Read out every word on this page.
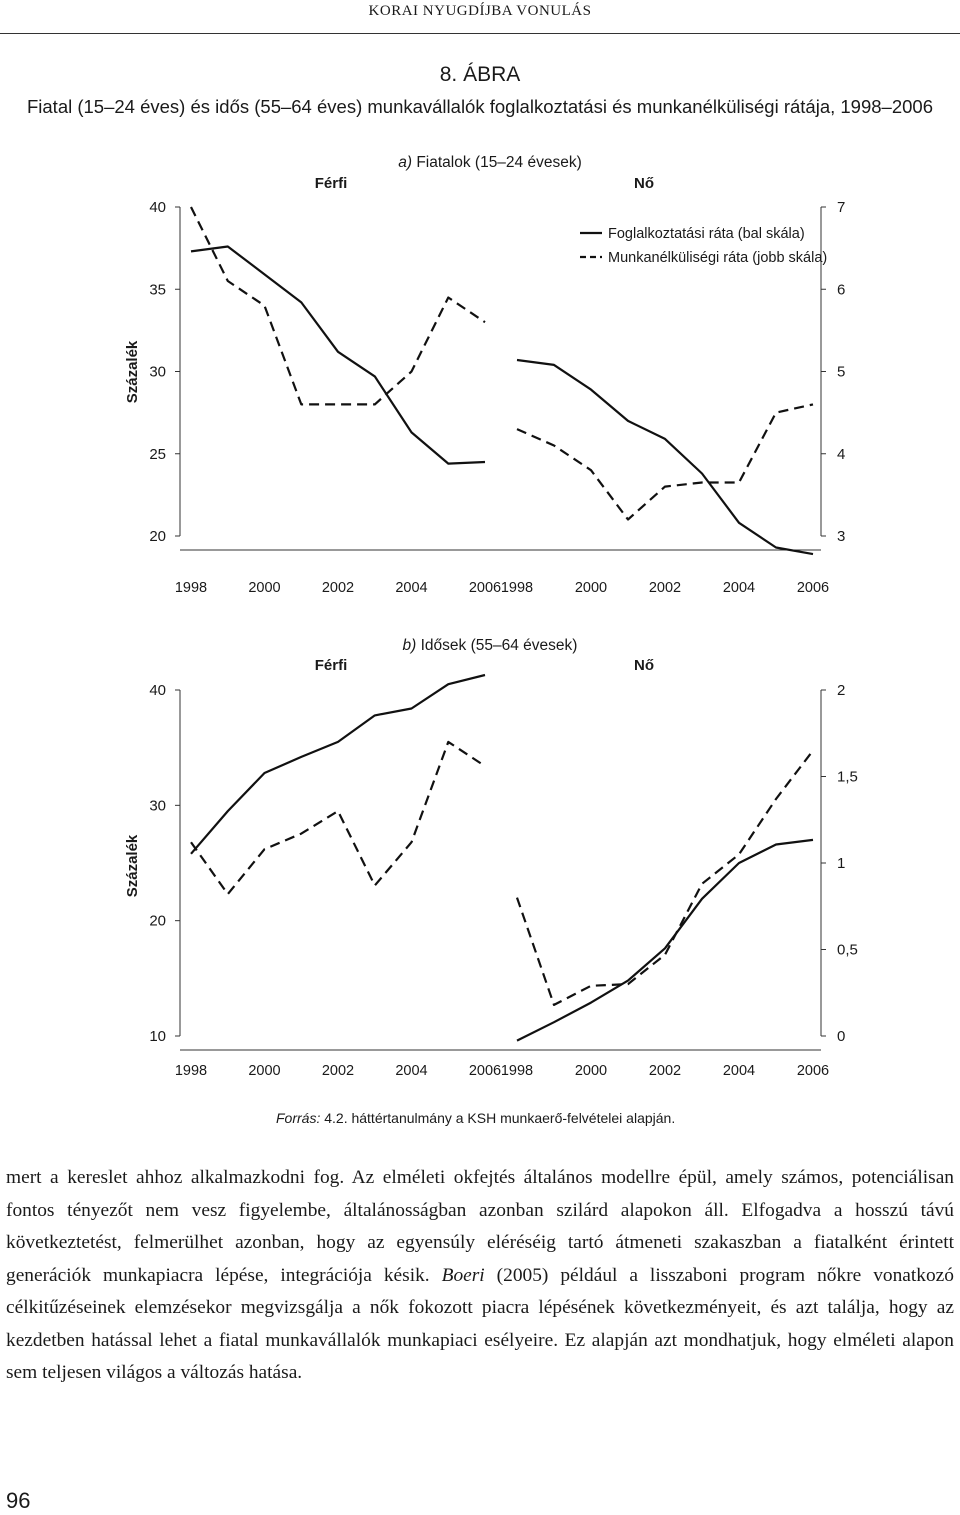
KORAI NYUGDÍJBA VONULÁS
8. ÁBRA
Fiatal (15–24 éves) és idős (55–64 éves) munkavállalók foglalkoztatási és munkanélküliségi rátája, 1998–2006
a) Fiatalok (15–24 évesek)
Százalék
20
25
30
35
40
3
4
5
6
7
Férfi
1998	2000	2002	2004	2006
Nő
1998	2000	2002	2004	2006
Foglalkoztatási ráta (bal skála)
Munkanélküliségi ráta (jobb skála)
b) Idősek (55–64 évesek)
Százalék
10
20
30
40
0
0,5
1
1,5
2
Férfi
1998	2000	2002	2004	2006
Nő
1998	2000	2002	2004	2006
Forrás: 4.2. háttértanulmány a KSH munkaerő-felvételei alapján.

mert a kereslet ahhoz alkalmazkodni fog. Az elméleti okfejtés általános modellre épül, amely számos, potenciálisan fontos tényezőt nem vesz figyelembe, általánosságban azonban szilárd alapokon áll. Elfogadva a hosszú távú következtetést, felmerülhet azonban, hogy az egyensúly eléréséig tartó átmeneti szakaszban a fiatalként érintett generációk munkapiacra lépése, integrációja késik. Boeri (2005) például a lisszaboni program nőkre vonatkozó célkitűzéseinek elemzésekor megvizsgálja a nők fokozott piacra lépésének következményeit, és azt találja, hogy az kezdetben hatással lehet a fiatal munkavállalók munkapiaci esélyeire. Ez alapján azt mondhatjuk, hogy elméleti alapon sem teljesen világos a változás hatása.

96
